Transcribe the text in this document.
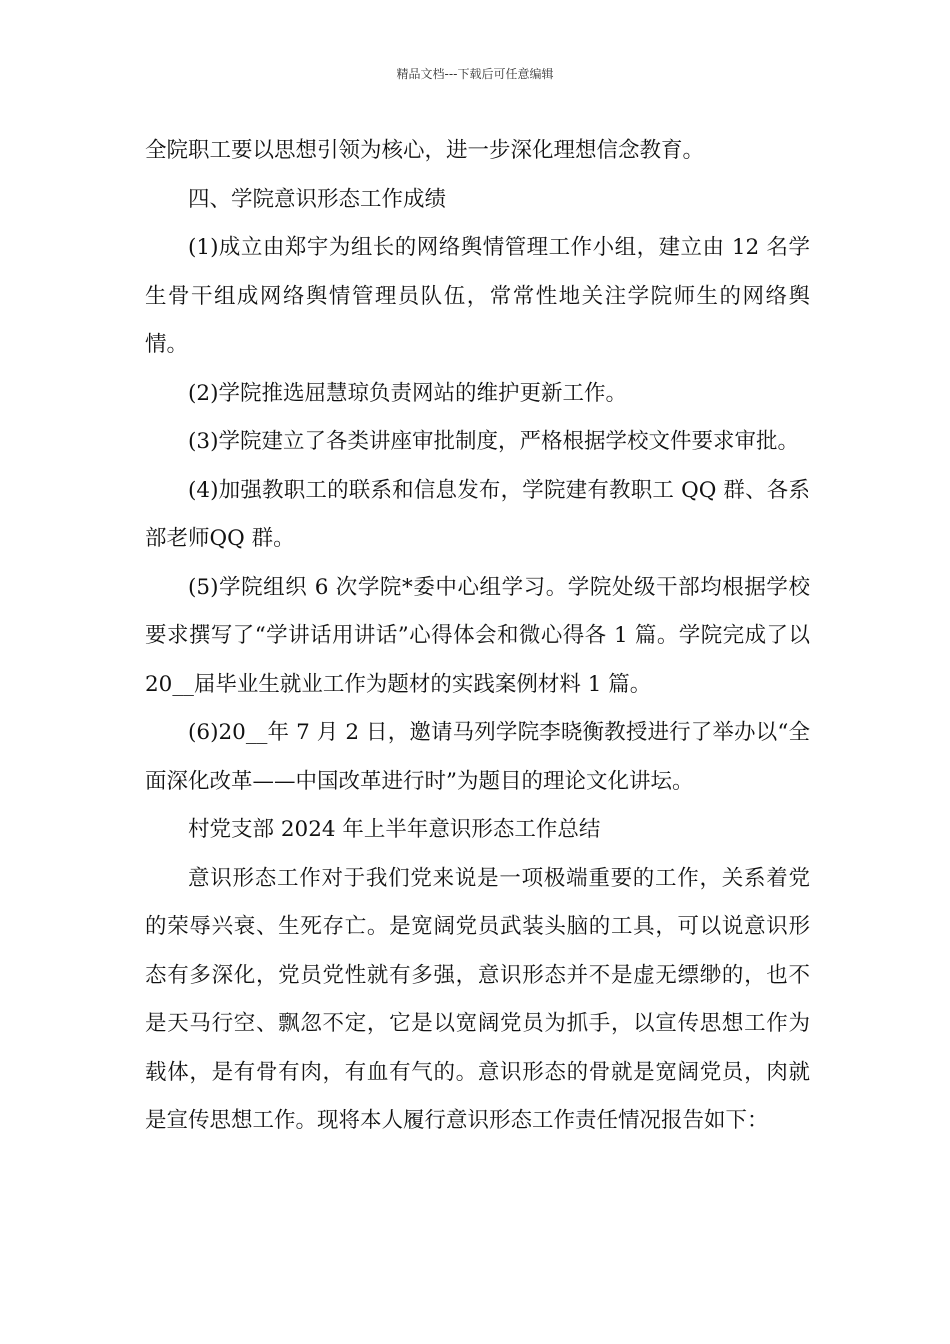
精品文档---下载后可任意编辑

全院职工要以思想引领为核心，进一步深化理想信念教育。

四、学院意识形态工作成绩

(1)成立由郑宇为组长的网络舆情管理工作小组，建立由 12 名学生骨干组成网络舆情管理员队伍，常常性地关注学院师生的网络舆情。

(2)学院推选屈慧琼负责网站的维护更新工作。

(3)学院建立了各类讲座审批制度，严格根据学校文件要求审批。

(4)加强教职工的联系和信息发布，学院建有教职工 QQ 群、各系部老师QQ 群。

(5)学院组织 6 次学院*委中心组学习。学院处级干部均根据学校要求撰写了“学讲话用讲话”心得体会和微心得各 1 篇。学院完成了以 20__届毕业生就业工作为题材的实践案例材料 1 篇。

(6)20__年 7 月 2 日，邀请马列学院李晓衡教授进行了举办以“全面深化改革——中国改革进行时”为题目的理论文化讲坛。

村党支部 2024 年上半年意识形态工作总结

意识形态工作对于我们党来说是一项极端重要的工作，关系着党的荣辱兴衰、生死存亡。是宽阔党员武装头脑的工具，可以说意识形态有多深化，党员党性就有多强，意识形态并不是虚无缥缈的，也不是天马行空、飘忽不定，它是以宽阔党员为抓手，以宣传思想工作为载体，是有骨有肉，有血有气的。意识形态的骨就是宽阔党员，肉就是宣传思想工作。现将本人履行意识形态工作责任情况报告如下：
